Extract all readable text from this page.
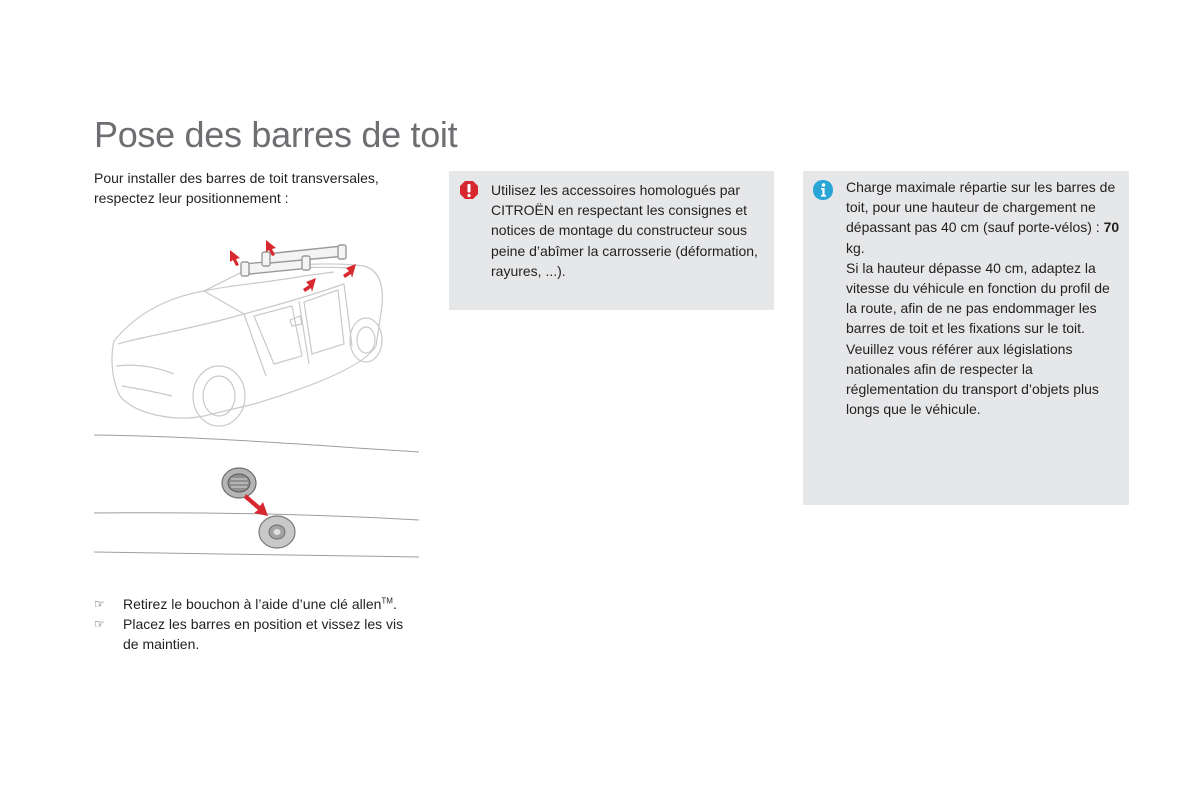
Pose des barres de toit

Pour installer des barres de toit transversales, respectez leur positionnement :

☞ Retirez le bouchon à l’aide d’une clé allen™.
☞ Placez les barres en position et vissez les vis de maintien.
Utilisez les accessoires homologués par CITROËN en respectant les consignes et notices de montage du constructeur sous peine d’abîmer la carrosserie (déformation, rayures, ...).

Charge maximale répartie sur les barres de toit, pour une hauteur de chargement ne dépassant pas 40 cm (sauf porte-vélos) : 70 kg.

Si la hauteur dépasse 40 cm, adaptez la vitesse du véhicule en fonction du profil de la route, afin de ne pas endommager les barres de toit et les fixations sur le toit.

Veuillez vous référer aux législations nationales afin de respecter la réglementation du transport d’objets plus longs que le véhicule.
